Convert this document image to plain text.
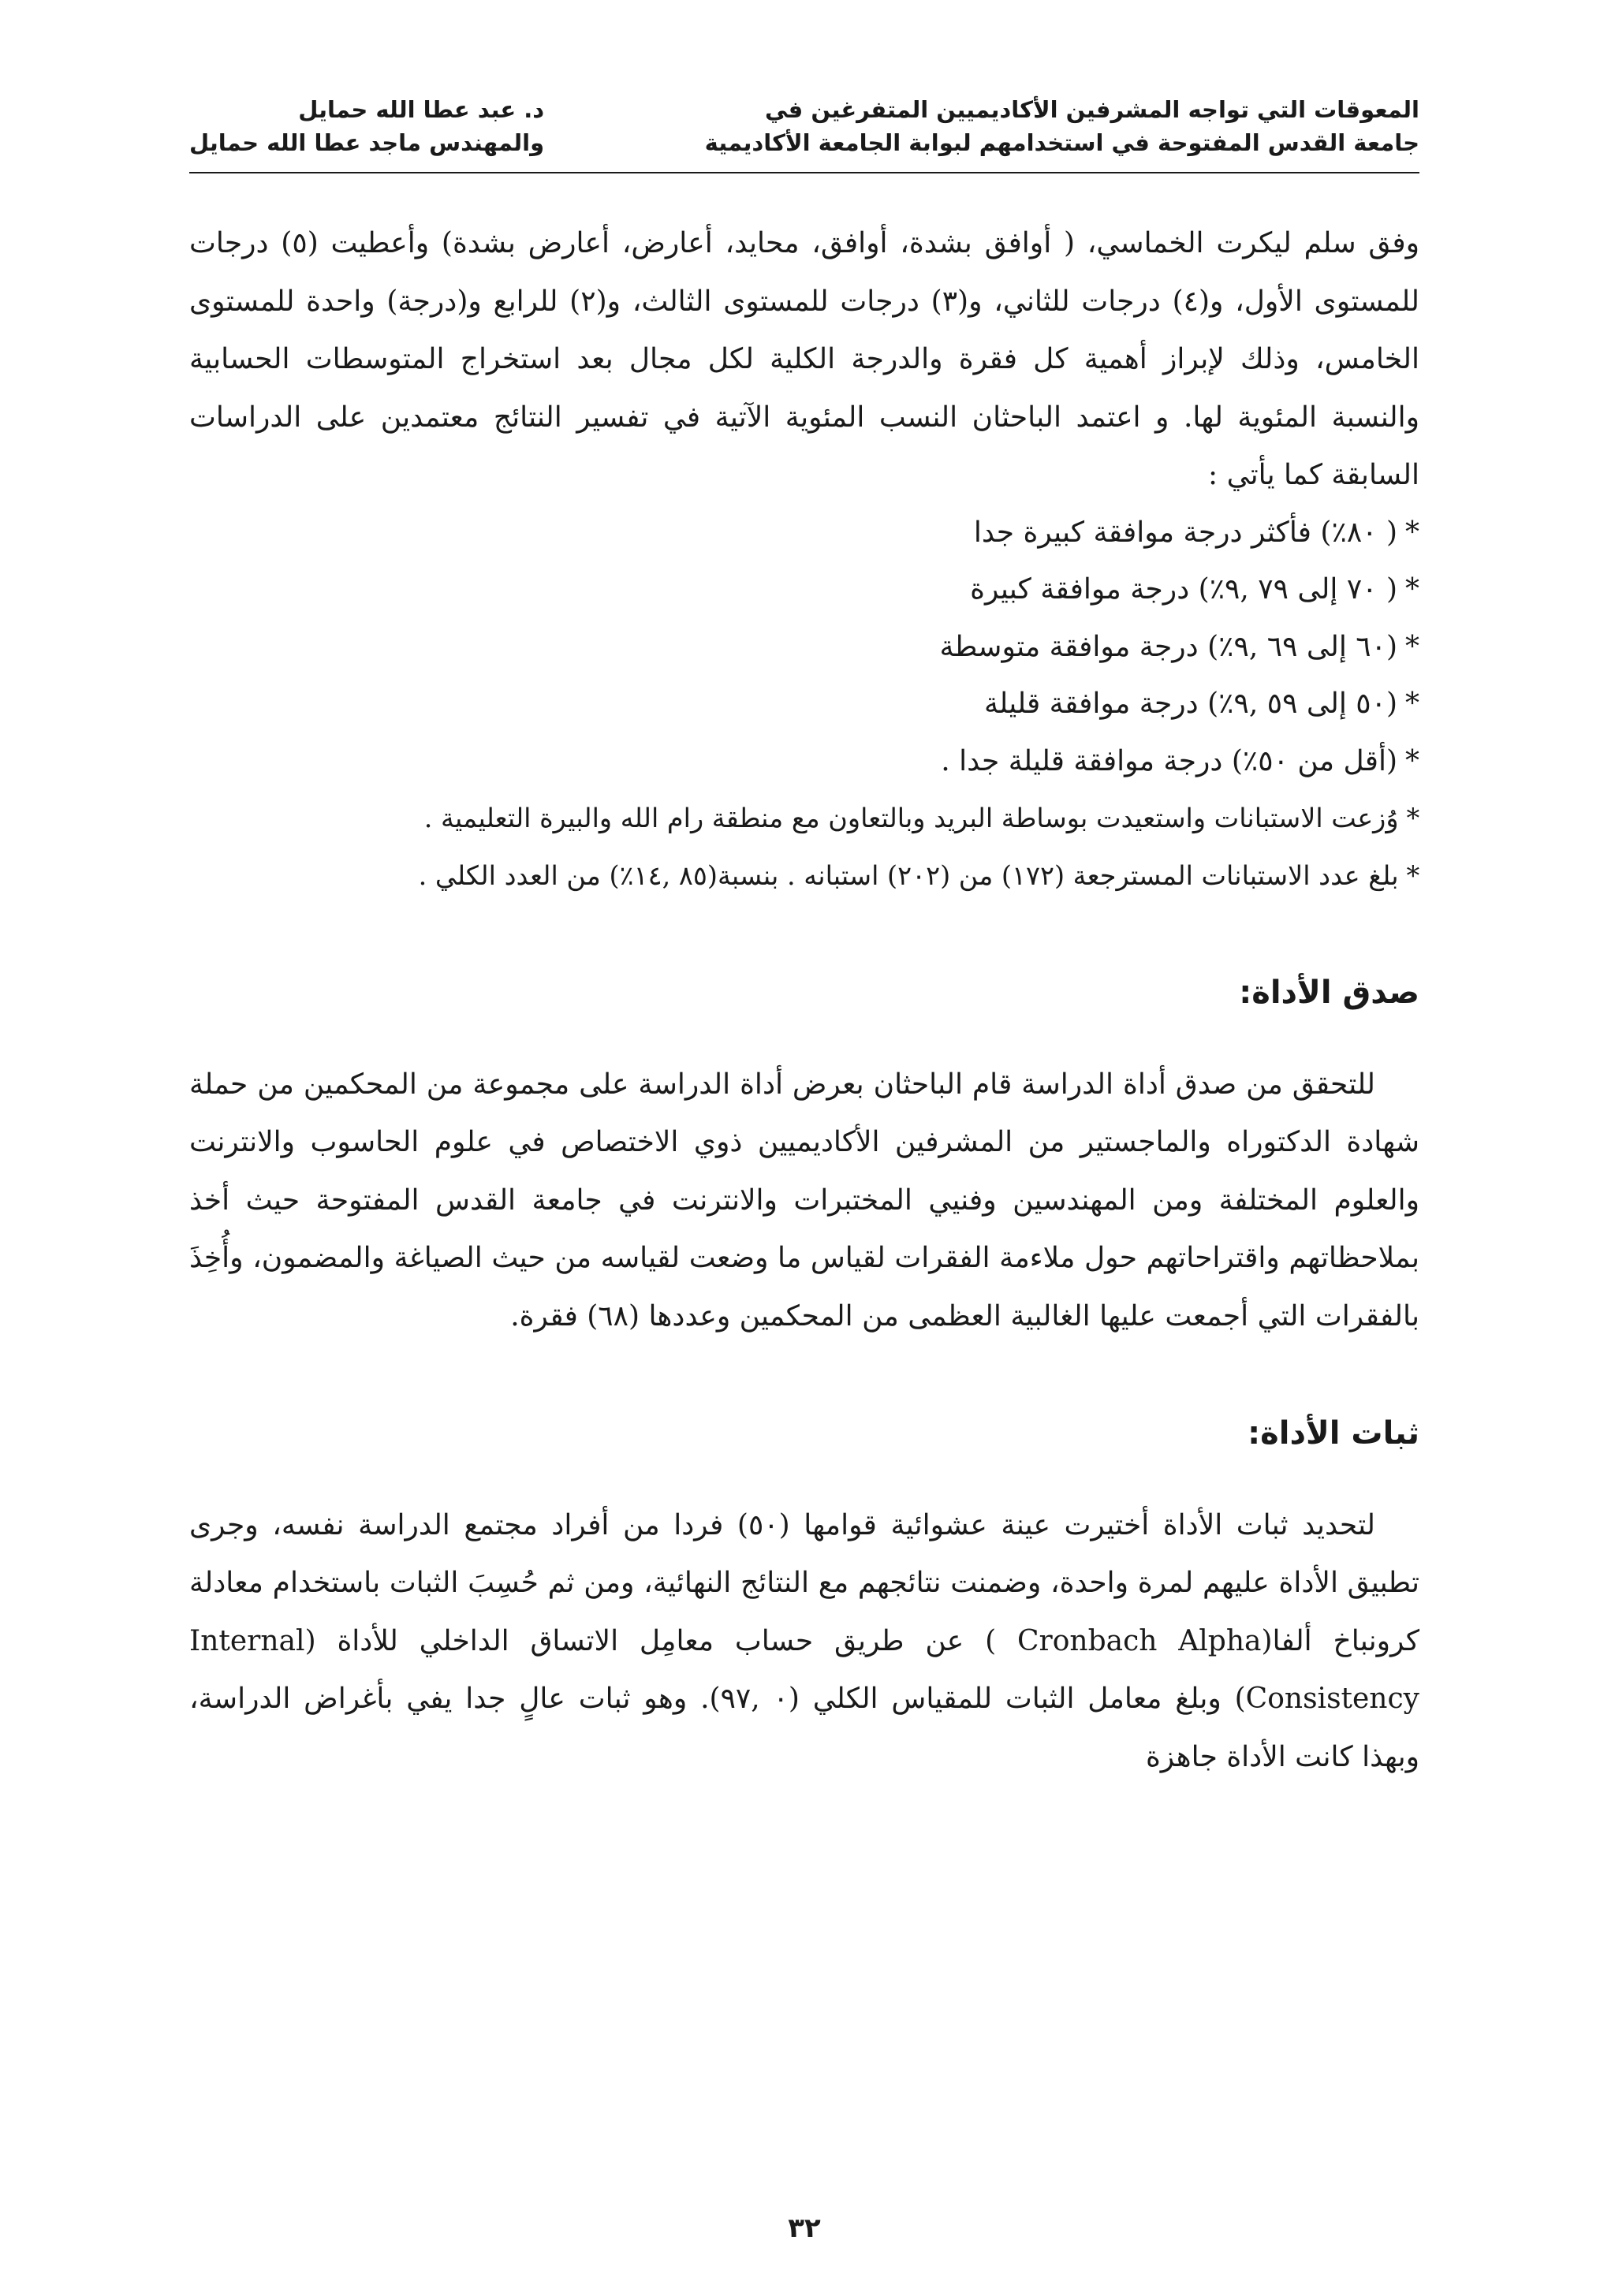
المعوقات التي تواجه المشرفين الأكاديميين المتفرغين في
جامعة القدس المفتوحة في استخدامهم لبوابة الجامعة الأكاديمية
د. عبد عطا الله حمايل
والمهندس ماجد عطا الله حمايل

وفق سلم ليكرت الخماسي، ( أوافق بشدة، أوافق، محايد، أعارض، أعارض بشدة) وأعطيت (٥) درجات للمستوى الأول، و(٤) درجات للثاني، و(٣) درجات للمستوى الثالث، و(٢) للرابع و(درجة) واحدة للمستوى الخامس، وذلك لإبراز أهمية كل فقرة والدرجة الكلية لكل مجال بعد استخراج المتوسطات الحسابية والنسبة المئوية لها. و اعتمد الباحثان النسب المئوية الآتية في تفسير النتائج معتمدين على الدراسات السابقة كما يأتي :

*( ٨٠٪) فأكثر درجة موافقة كبيرة جدا
*( ٧٠ إلى ٧٩ ,٩٪) درجة موافقة كبيرة
*(٦٠ إلى ٦٩ ,٩٪) درجة موافقة متوسطة
*(٥٠ إلى ٥٩ ,٩٪) درجة موافقة قليلة
*(أقل من ٥٠٪) درجة موافقة قليلة جدا .
*وُزعت الاستبانات واستعيدت بوساطة البريد وبالتعاون مع منطقة رام الله والبيرة التعليمية .
*بلغ عدد الاستبانات المسترجعة (١٧٢) من (٢٠٢) استبانه . بنسبة(٨٥ ,١٤٪) من العدد الكلي .
صدق الأداة:

للتحقق من صدق أداة الدراسة قام الباحثان بعرض أداة الدراسة على مجموعة من المحكمين من حملة شهادة الدكتوراه والماجستير من المشرفين الأكاديميين ذوي الاختصاص في علوم الحاسوب والانترنت والعلوم المختلفة ومن المهندسين وفنيي المختبرات والانترنت في جامعة القدس المفتوحة حيث أخذ بملاحظاتهم واقتراحاتهم حول ملاءمة الفقرات لقياس ما وضعت لقياسه من حيث الصياغة والمضمون، وأُخِذَ بالفقرات التي أجمعت عليها الغالبية العظمى من المحكمين وعددها (٦٨) فقرة.

ثبات الأداة:

لتحديد ثبات الأداة أختيرت عينة عشوائية قوامها (٥٠) فردا من أفراد مجتمع الدراسة نفسه، وجرى تطبيق الأداة عليهم لمرة واحدة، وضمنت نتائجهم مع النتائج النهائية، ومن ثم حُسِبَ الثبات باستخدام معادلة كرونباخ ألفا(Cronbach Alpha ) عن طريق حساب معامِل الاتساق الداخلي للأداة (Internal Consistency) وبلغ معامل الثبات للمقياس الكلي (٠ ,٩٧). وهو ثبات عالٍ جدا يفي بأغراض الدراسة، وبهذا كانت الأداة جاهزة

٣٢
